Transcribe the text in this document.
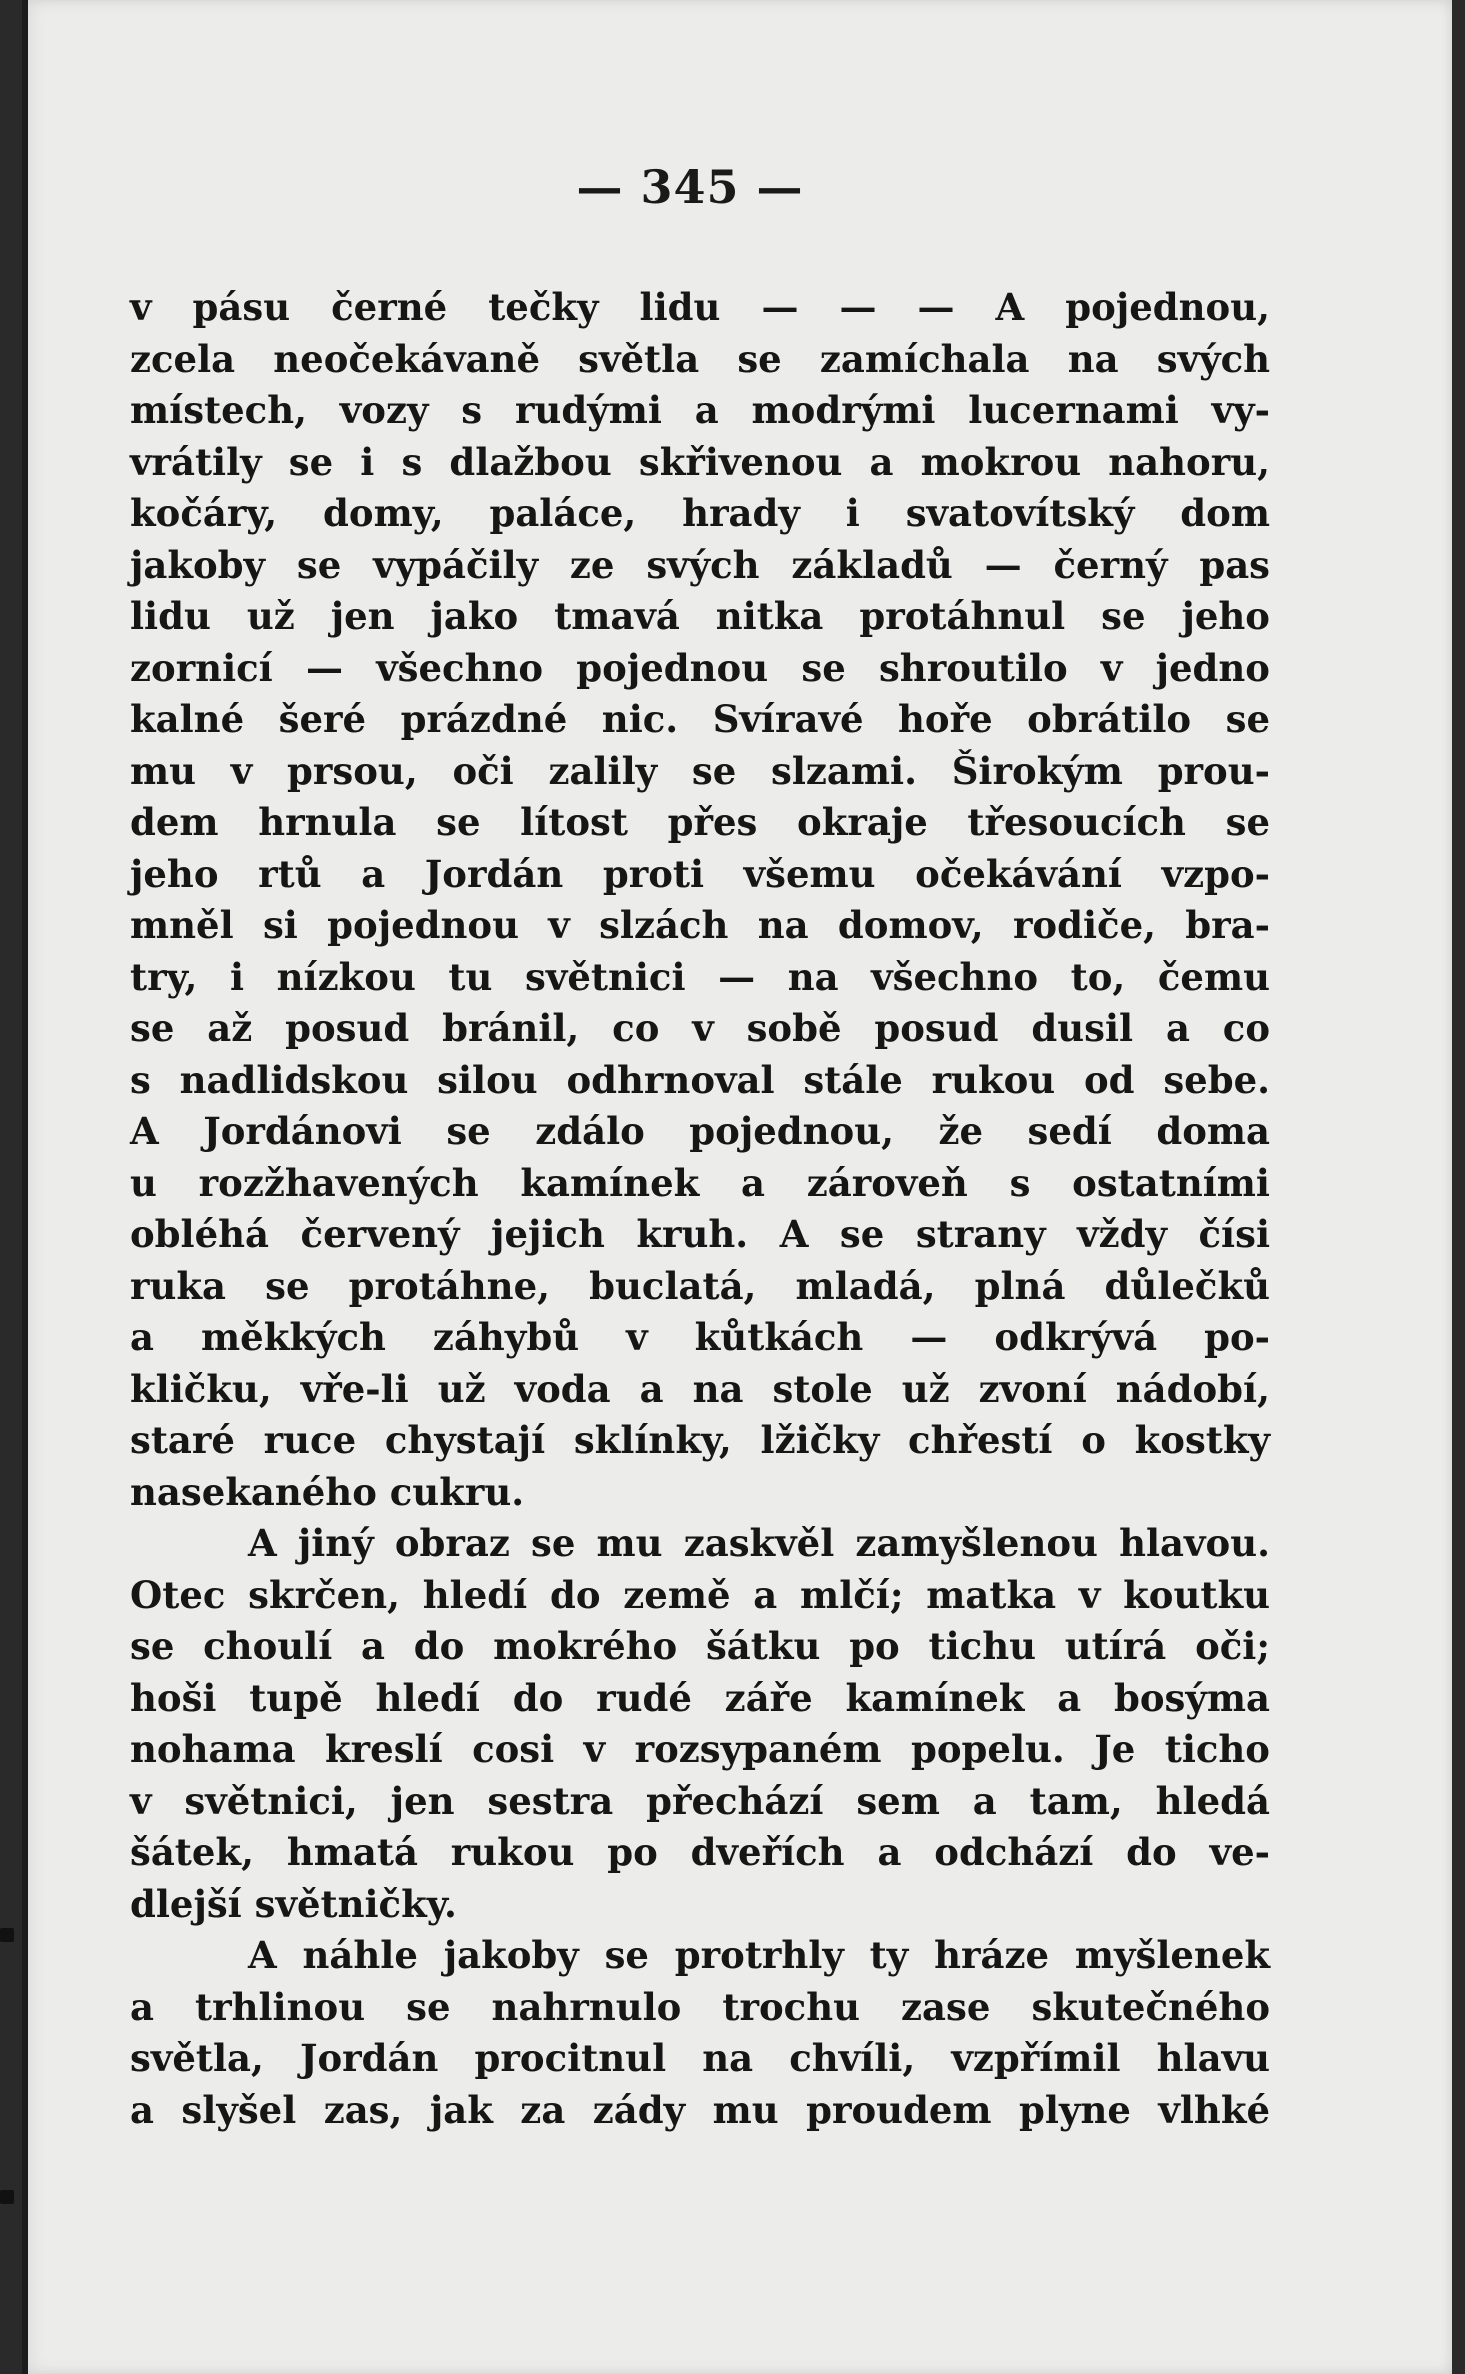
— 345 —
v pásu černé tečky lidu — — — A pojednou,
zcela neočekávaně světla se zamíchala na svých
místech, vozy s rudými a modrými lucernami vy-
vrátily se i s dlažbou skřivenou a mokrou nahoru,
kočáry, domy, paláce, hrady i svatovítský dom
jakoby se vypáčily ze svých základů — černý pas
lidu už jen jako tmavá nitka protáhnul se jeho
zornicí — všechno pojednou se shroutilo v jedno
kalné šeré prázdné nic. Svíravé hoře obrátilo se
mu v prsou, oči zalily se slzami. Širokým prou-
dem hrnula se lítost přes okraje třesoucích se
jeho rtů a Jordán proti všemu očekávání vzpo-
mněl si pojednou v slzách na domov, rodiče, bra-
try, i nízkou tu světnici — na všechno to, čemu
se až posud bránil, co v sobě posud dusil a co
s nadlidskou silou odhrnoval stále rukou od sebe.
A Jordánovi se zdálo pojednou, že sedí doma
u rozžhavených kamínek a zároveň s ostatními
obléhá červený jejich kruh. A se strany vždy čísi
ruka se protáhne, buclatá, mladá, plná důlečků
a měkkých záhybů v kůtkách — odkrývá po-
kličku, vře-li už voda a na stole už zvoní nádobí,
staré ruce chystají sklínky, lžičky chřestí o kostky
nasekaného cukru.
A jiný obraz se mu zaskvěl zamyšlenou hlavou.
Otec skrčen, hledí do země a mlčí; matka v koutku
se choulí a do mokrého šátku po tichu utírá oči;
hoši tupě hledí do rudé záře kamínek a bosýma
nohama kreslí cosi v rozsypaném popelu. Je ticho
v světnici, jen sestra přechází sem a tam, hledá
šátek, hmatá rukou po dveřích a odchází do ve-
dlejší světničky.
A náhle jakoby se protrhly ty hráze myšlenek
a trhlinou se nahrnulo trochu zase skutečného
světla, Jordán procitnul na chvíli, vzpřímil hlavu
a slyšel zas, jak za zády mu proudem plyne vlhké
